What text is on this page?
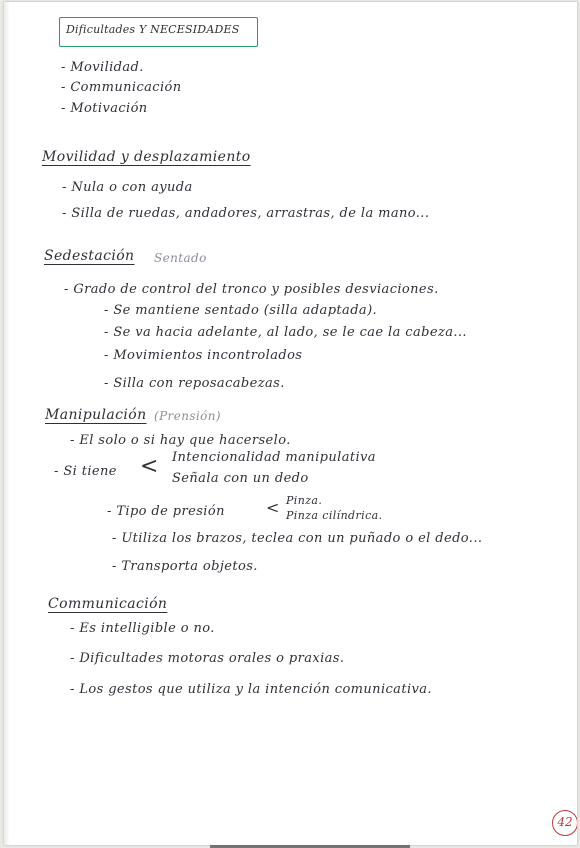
Dificultades Y NECESIDADES
- Movilidad.
- Communicación
- Motivación
Movilidad y desplazamiento
- Nula o con ayuda
- Silla de ruedas, andadores, arrastras, de la mano...
Sedestación Sentado
- Grado de control del tronco y posibles desviaciones.
- Se mantiene sentado (silla adaptada).
- Se va hacia adelante, al lado, se le cae la cabeza...
- Movimientos incontrolados
- Silla con reposacabezas.
Manipulación (Prensión)
- El solo o si hay que hacerselo.
- Si tiene < Intencionalidad manipulativa
Señala con un dedo
- Tipo de presión	< Pinza.
Pinza cilíndrica.
- Utiliza los brazos, teclea con un puñado o el dedo...
- Transporta objetos.
Communicación
- Es intelligible o no.
- Dificultades motoras orales o praxias.
- Los gestos que utiliza y la intención comunicativa.
42
